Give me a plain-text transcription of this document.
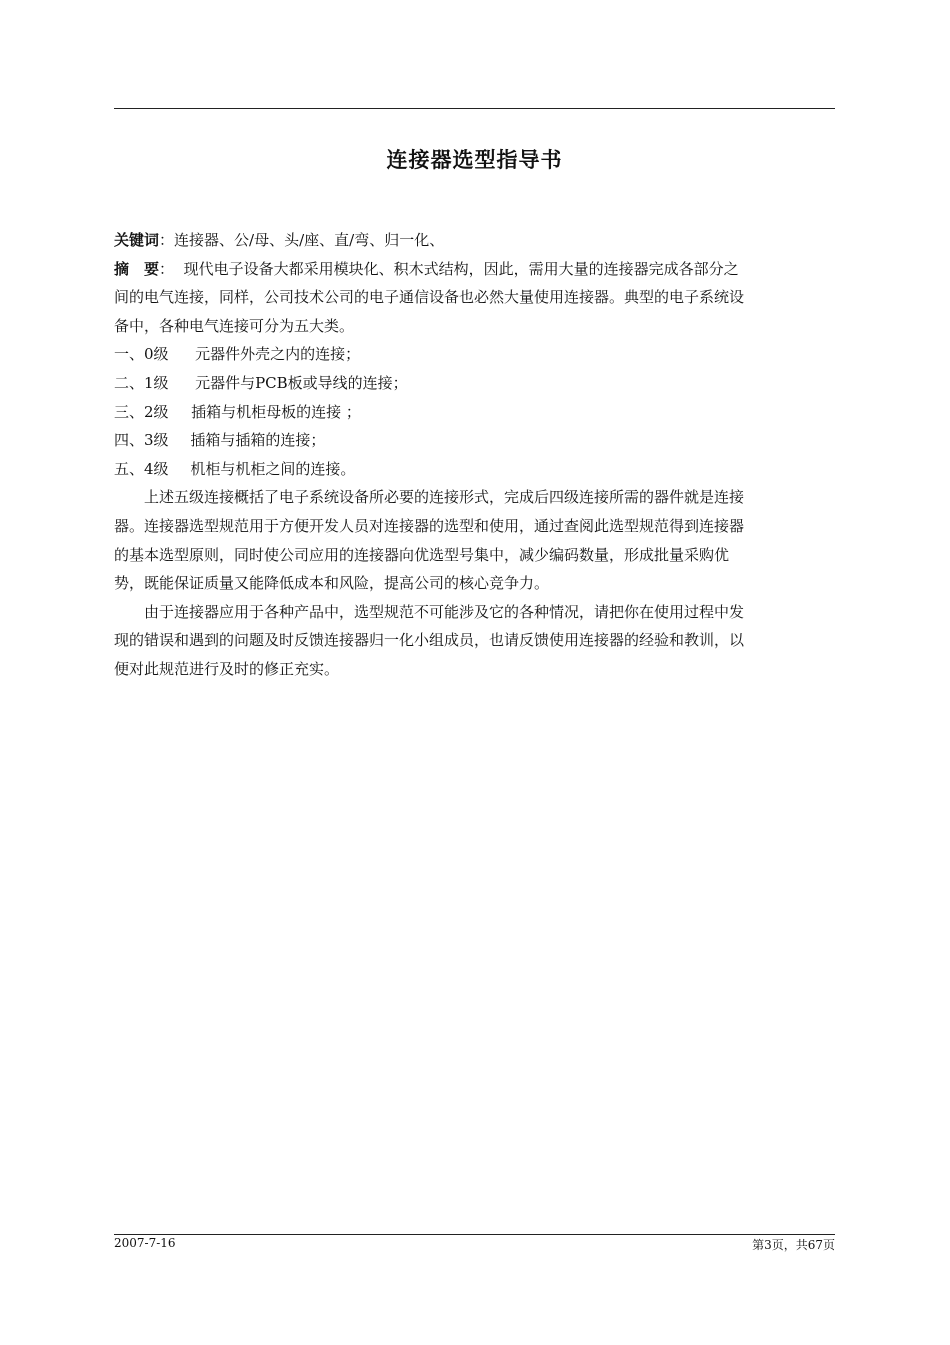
连接器选型指导书
关键词：连接器、公/母、头/座、直/弯、归一化、
摘　要： 现代电子设备大都采用模块化、积木式结构，因此，需用大量的连接器完成各部分之
间的电气连接，同样，公司技术公司的电子通信设备也必然大量使用连接器。典型的电子系统设
备中，各种电气连接可分为五大类。
一、0级 元器件外壳之内的连接；
二、1级 元器件与PCB板或导线的连接；
三、2级 插箱与机柜母板的连接 ；
四、3级 插箱与插箱的连接；
五、4级 机柜与机柜之间的连接。
上述五级连接概括了电子系统设备所必要的连接形式，完成后四级连接所需的器件就是连接
器。连接器选型规范用于方便开发人员对连接器的选型和使用，通过查阅此选型规范得到连接器
的基本选型原则，同时使公司应用的连接器向优选型号集中，减少编码数量，形成批量采购优
势，既能保证质量又能降低成本和风险，提高公司的核心竞争力。
由于连接器应用于各种产品中，选型规范不可能涉及它的各种情况，请把你在使用过程中发
现的错误和遇到的问题及时反馈连接器归一化小组成员，也请反馈使用连接器的经验和教训，以
便对此规范进行及时的修正充实。
2007-7-16	第3页，共67页
